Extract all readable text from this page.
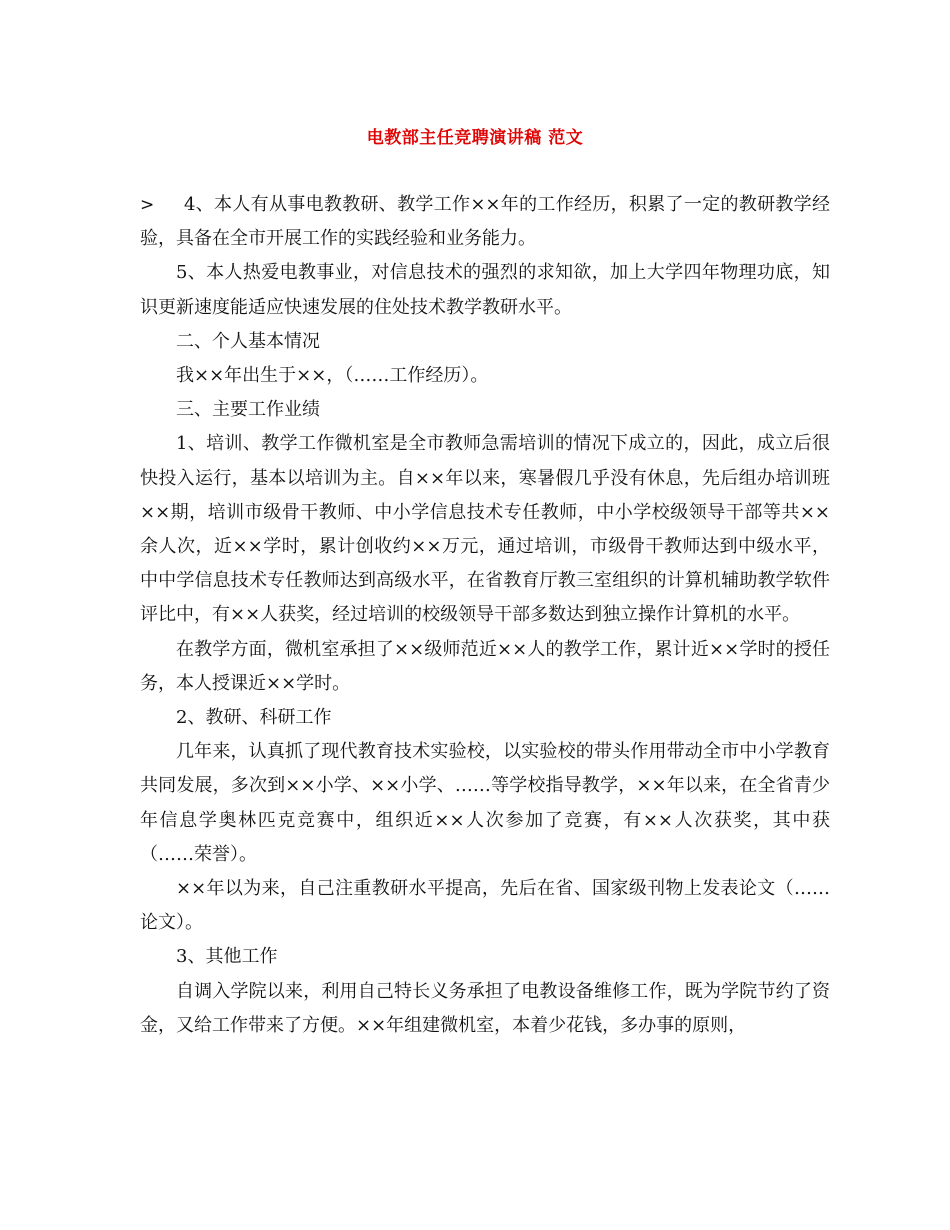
电教部主任竞聘演讲稿 范文

> 4、本人有从事电教教研、教学工作××年的工作经历，积累了一定的教研教学经验，具备在全市开展工作的实践经验和业务能力。

5、本人热爱电教事业，对信息技术的强烈的求知欲，加上大学四年物理功底，知识更新速度能适应快速发展的住处技术教学教研水平。

二、个人基本情况

我××年出生于××，（……工作经历）。

三、主要工作业绩

1、培训、教学工作微机室是全市教师急需培训的情况下成立的，因此，成立后很快投入运行，基本以培训为主。自××年以来，寒暑假几乎没有休息，先后组办培训班××期，培训市级骨干教师、中小学信息技术专任教师，中小学校级领导干部等共××余人次，近××学时，累计创收约××万元，通过培训，市级骨干教师达到中级水平，中中学信息技术专任教师达到高级水平，在省教育厅教三室组织的计算机辅助教学软件评比中，有××人获奖，经过培训的校级领导干部多数达到独立操作计算机的水平。

在教学方面，微机室承担了××级师范近××人的教学工作，累计近××学时的授任务，本人授课近××学时。

2、教研、科研工作

几年来，认真抓了现代教育技术实验校，以实验校的带头作用带动全市中小学教育共同发展，多次到××小学、××小学、……等学校指导教学，××年以来，在全省青少年信息学奥林匹克竞赛中，组织近××人次参加了竞赛，有××人次获奖，其中获（……荣誉）。

××年以为来，自己注重教研水平提高，先后在省、国家级刊物上发表论文（……论文）。

3、其他工作

自调入学院以来，利用自己特长义务承担了电教设备维修工作，既为学院节约了资金，又给工作带来了方便。××年组建微机室，本着少花钱，多办事的原则，
